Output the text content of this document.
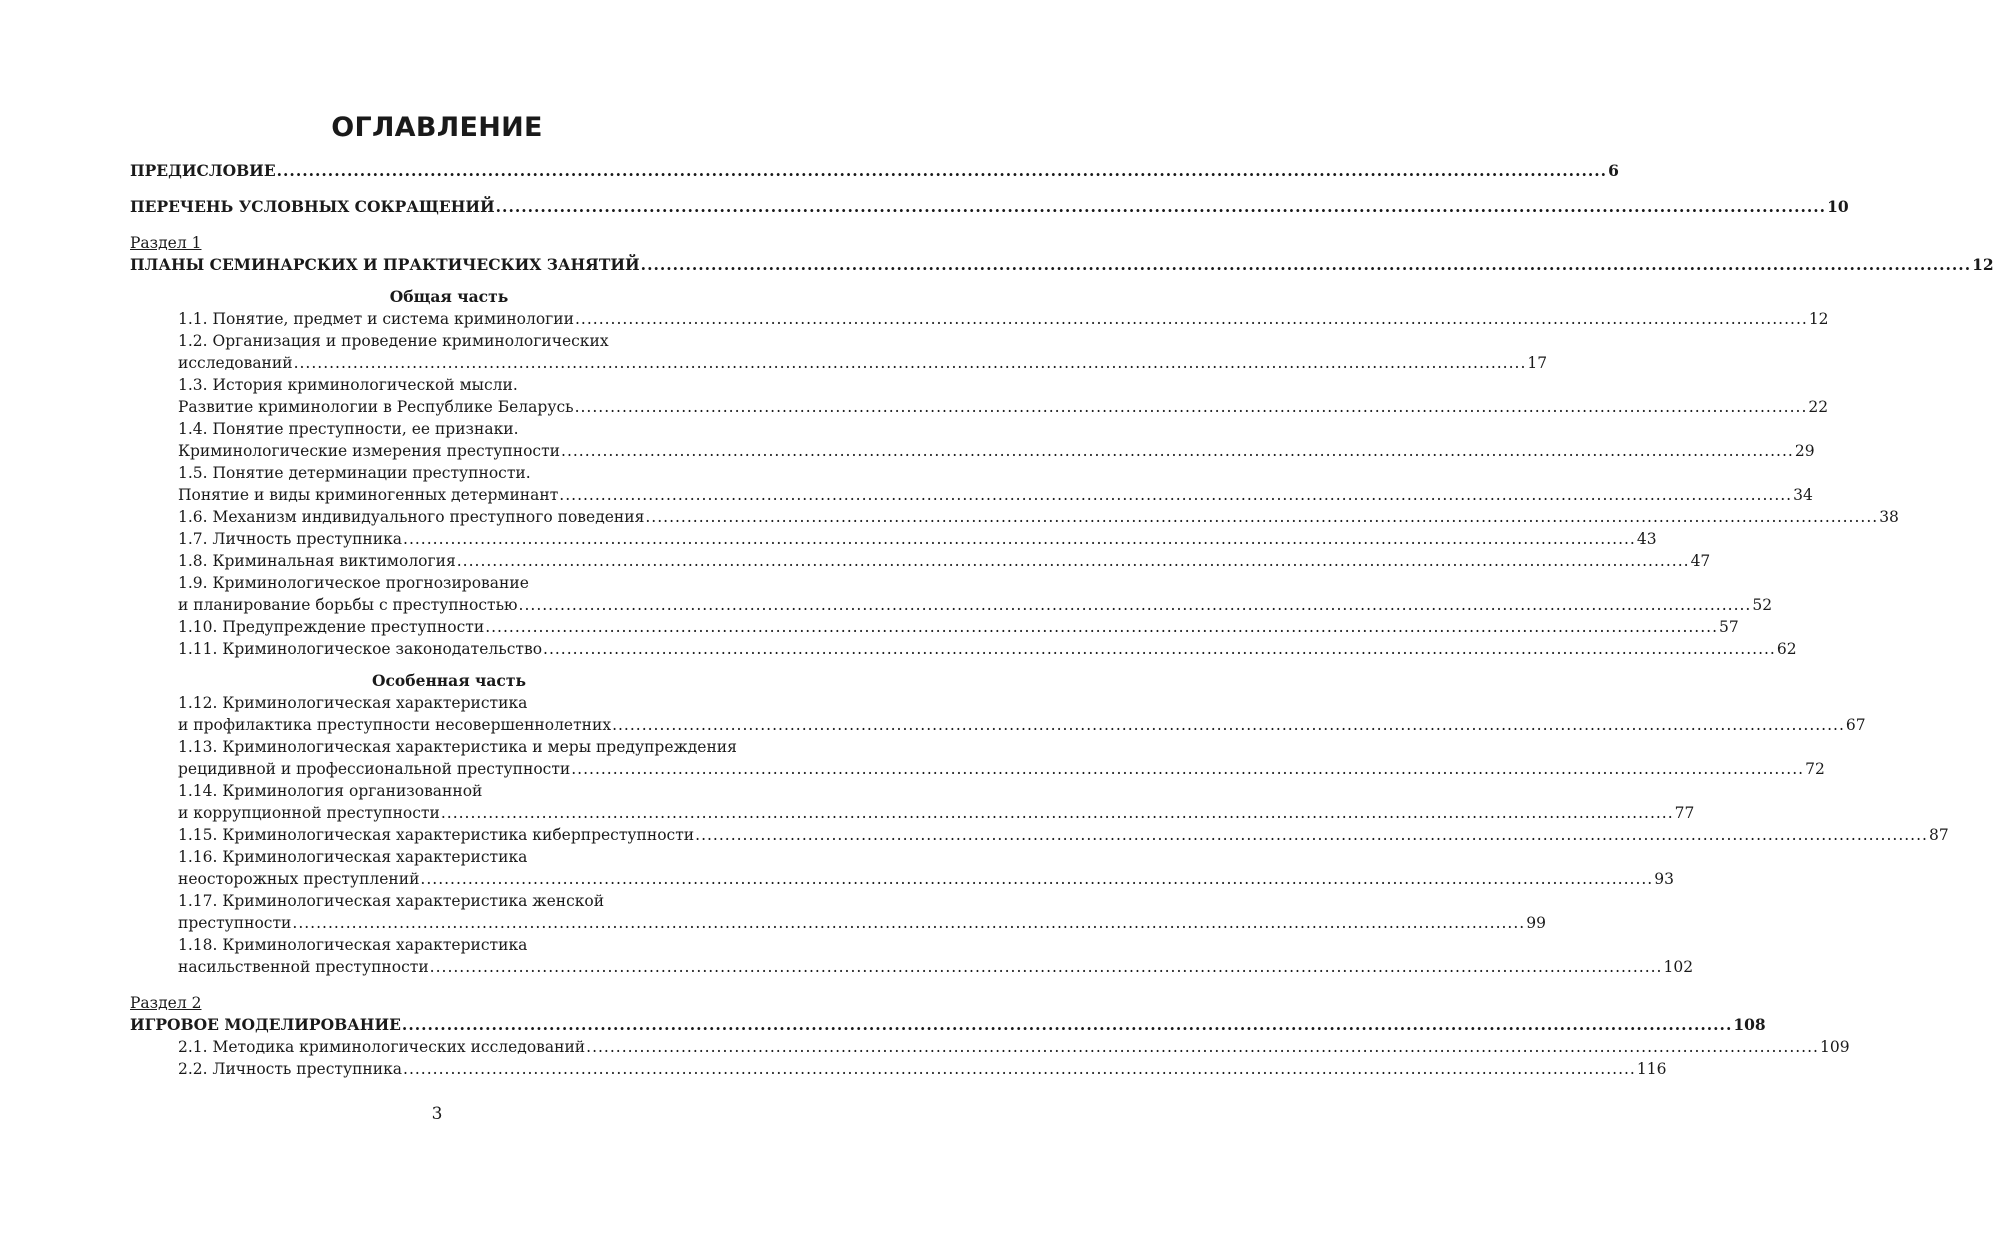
ОГЛАВЛЕНИЕ
ПРЕДИСЛОВИЕ .....	6
ПЕРЕЧЕНЬ УСЛОВНЫХ СОКРАЩЕНИЙ .....	10
Раздел 1
ПЛАНЫ СЕМИНАРСКИХ И ПРАКТИЧЕСКИХ ЗАНЯТИЙ .....	12
Общая часть
1.1. Понятие, предмет и система криминологии .....	12
1.2. Организация и проведение криминологических
исследований .....	17
1.3. История криминологической мысли.
Развитие криминологии в Республике Беларусь .....	22
1.4. Понятие преступности, ее признаки.
Криминологические измерения преступности .....	29
1.5. Понятие детерминации преступности.
Понятие и виды криминогенных детерминант .....	34
1.6. Механизм индивидуального преступного поведения .....	38
1.7. Личность преступника .....	43
1.8. Криминальная виктимология .....	47
1.9. Криминологическое прогнозирование
и планирование борьбы с преступностью .....	52
1.10. Предупреждение преступности .....	57
1.11. Криминологическое законодательство .....	62
Особенная часть
1.12. Криминологическая характеристика
и профилактика преступности несовершеннолетних .....	67
1.13. Криминологическая характеристика и меры предупреждения
рецидивной и профессиональной преступности .....	72
1.14. Криминология организованной
и коррупционной преступности .....	77
1.15. Криминологическая характеристика киберпреступности .....	87
1.16. Криминологическая характеристика
неосторожных преступлений .....	93
1.17. Криминологическая характеристика женской
преступности .....	99
1.18. Криминологическая характеристика
насильственной преступности .....	102
Раздел 2
ИГРОВОЕ МОДЕЛИРОВАНИЕ .....	108
2.1. Методика криминологических исследований .....	109
2.2. Личность преступника .....	116
3
